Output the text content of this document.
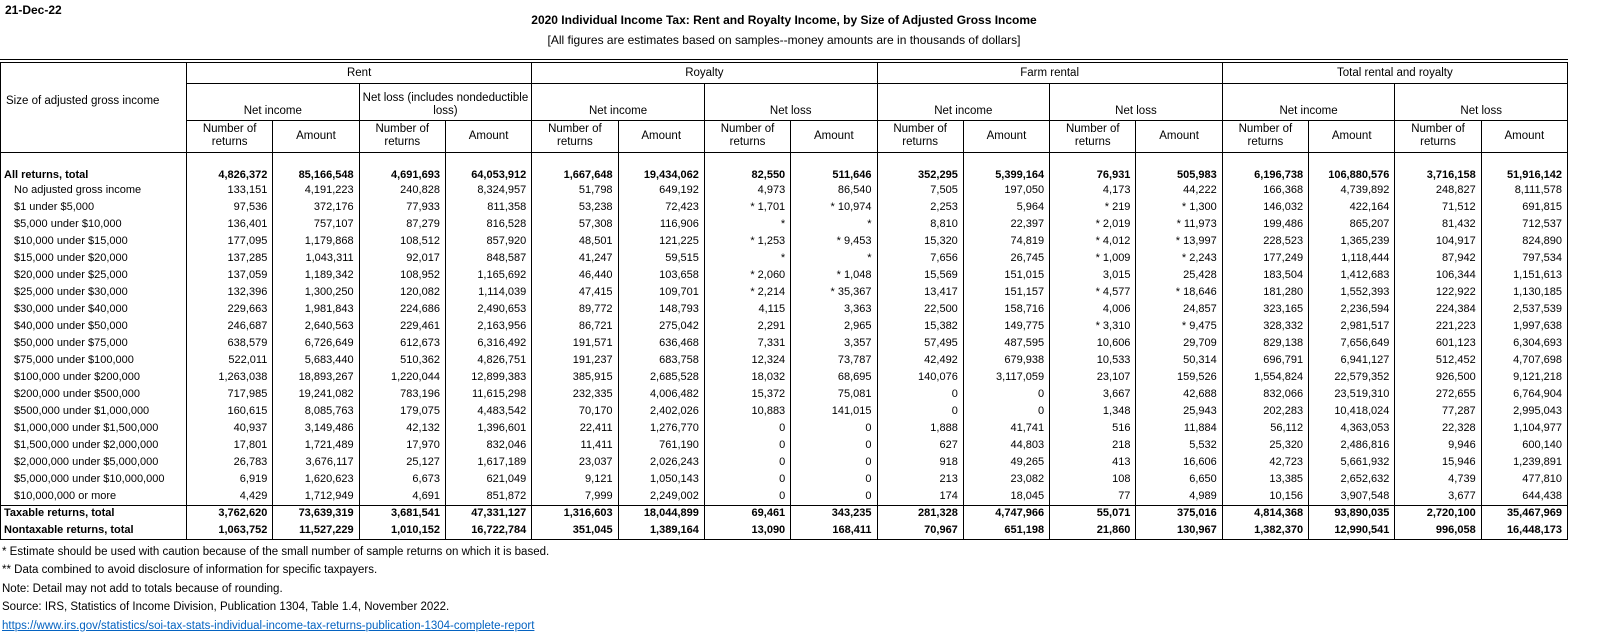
21-Dec-22
2020 Individual Income Tax: Rent and Royalty Income, by Size of Adjusted Gross Income
[All figures are estimates based on samples--money amounts are in thousands of dollars]
Size of adjusted gross income	Rent				Royalty				Farm rental				Total rental and royalty			
	Net income		Net loss (includes nondeductible loss)		Net income		Net loss		Net income		Net loss		Net income		Net loss	
	Number of returns	Amount	Number of returns	Amount	Number of returns	Amount	Number of returns	Amount	Number of returns	Amount	Number of returns	Amount	Number of returns	Amount	Number of returns	Amount
All returns, total	4,826,372	85,166,548	4,691,693	64,053,912	1,667,648	19,434,062	82,550	511,646	352,295	5,399,164	76,931	505,983	6,196,738	106,880,576	3,716,158	51,916,142
No adjusted gross income	133,151	4,191,223	240,828	8,324,957	51,798	649,192	4,973	86,540	7,505	197,050	4,173	44,222	166,368	4,739,892	248,827	8,111,578
$1 under $5,000	97,536	372,176	77,933	811,358	53,238	72,423	* 1,701	* 10,974	2,253	5,964	* 219	* 1,300	146,032	422,164	71,512	691,815
$5,000 under $10,000	136,401	757,107	87,279	816,528	57,308	116,906	*	*	8,810	22,397	* 2,019	* 11,973	199,486	865,207	81,432	712,537
$10,000 under $15,000	177,095	1,179,868	108,512	857,920	48,501	121,225	* 1,253	* 9,453	15,320	74,819	* 4,012	* 13,997	228,523	1,365,239	104,917	824,890
$15,000 under $20,000	137,285	1,043,311	92,017	848,587	41,247	59,515	*	*	7,656	26,745	* 1,009	* 2,243	177,249	1,118,444	87,942	797,534
$20,000 under $25,000	137,059	1,189,342	108,952	1,165,692	46,440	103,658	* 2,060	* 1,048	15,569	151,015	3,015	25,428	183,504	1,412,683	106,344	1,151,613
$25,000 under $30,000	132,396	1,300,250	120,082	1,114,039	47,415	109,701	* 2,214	* 35,367	13,417	151,157	* 4,577	* 18,646	181,280	1,552,393	122,922	1,130,185
$30,000 under $40,000	229,663	1,981,843	224,686	2,490,653	89,772	148,793	4,115	3,363	22,500	158,716	4,006	24,857	323,165	2,236,594	224,384	2,537,539
$40,000 under $50,000	246,687	2,640,563	229,461	2,163,956	86,721	275,042	2,291	2,965	15,382	149,775	* 3,310	* 9,475	328,332	2,981,517	221,223	1,997,638
$50,000 under $75,000	638,579	6,726,649	612,673	6,316,492	191,571	636,468	7,331	3,357	57,495	487,595	10,606	29,709	829,138	7,656,649	601,123	6,304,693
$75,000 under $100,000	522,011	5,683,440	510,362	4,826,751	191,237	683,758	12,324	73,787	42,492	679,938	10,533	50,314	696,791	6,941,127	512,452	4,707,698
$100,000 under $200,000	1,263,038	18,893,267	1,220,044	12,899,383	385,915	2,685,528	18,032	68,695	140,076	3,117,059	23,107	159,526	1,554,824	22,579,352	926,500	9,121,218
$200,000 under $500,000	717,985	19,241,082	783,196	11,615,298	232,335	4,006,482	15,372	75,081	0	0	3,667	42,688	832,066	23,519,310	272,655	6,764,904
$500,000 under $1,000,000	160,615	8,085,763	179,075	4,483,542	70,170	2,402,026	10,883	141,015	0	0	1,348	25,943	202,283	10,418,024	77,287	2,995,043
$1,000,000 under $1,500,000	40,937	3,149,486	42,132	1,396,601	22,411	1,276,770	0	0	1,888	41,741	516	11,884	56,112	4,363,053	22,328	1,104,977
$1,500,000 under $2,000,000	17,801	1,721,489	17,970	832,046	11,411	761,190	0	0	627	44,803	218	5,532	25,320	2,486,816	9,946	600,140
$2,000,000 under $5,000,000	26,783	3,676,117	25,127	1,617,189	23,037	2,026,243	0	0	918	49,265	413	16,606	42,723	5,661,932	15,946	1,239,891
$5,000,000 under $10,000,000	6,919	1,620,623	6,673	621,049	9,121	1,050,143	0	0	213	23,082	108	6,650	13,385	2,652,632	4,739	477,810
$10,000,000 or more	4,429	1,712,949	4,691	851,872	7,999	2,249,002	0	0	174	18,045	77	4,989	10,156	3,907,548	3,677	644,438
Taxable returns, total	3,762,620	73,639,319	3,681,541	47,331,127	1,316,603	18,044,899	69,461	343,235	281,328	4,747,966	55,071	375,016	4,814,368	93,890,035	2,720,100	35,467,969
Nontaxable returns, total	1,063,752	11,527,229	1,010,152	16,722,784	351,045	1,389,164	13,090	168,411	70,967	651,198	21,860	130,967	1,382,370	12,990,541	996,058	16,448,173
* Estimate should be used with caution because of the small number of sample returns on which it is based.
** Data combined to avoid disclosure of information for specific taxpayers.
Note: Detail may not add to totals because of rounding.
Source: IRS, Statistics of Income Division, Publication 1304, Table 1.4, November 2022.
https://www.irs.gov/statistics/soi-tax-stats-individual-income-tax-returns-publication-1304-complete-report
